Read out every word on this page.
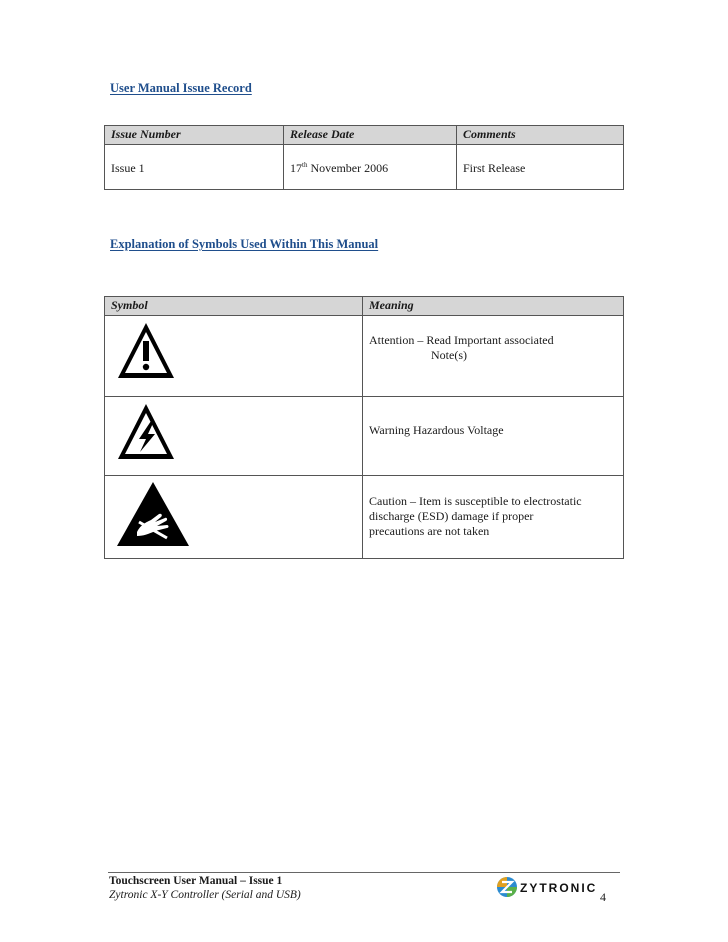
User Manual Issue Record
Issue Number	Release Date	Comments
Issue 1	17th November 2006	First Release
Explanation of Symbols Used Within This Manual
Symbol	Meaning
	Attention – Read Important associated
Note(s)
	Warning Hazardous Voltage
	Caution – Item is susceptible to electrostatic
discharge (ESD) damage if proper
precautions are not taken
Touchscreen User Manual – Issue 1
Zytronic X-Y Controller (Serial and USB)	ZYTRONIC
4
